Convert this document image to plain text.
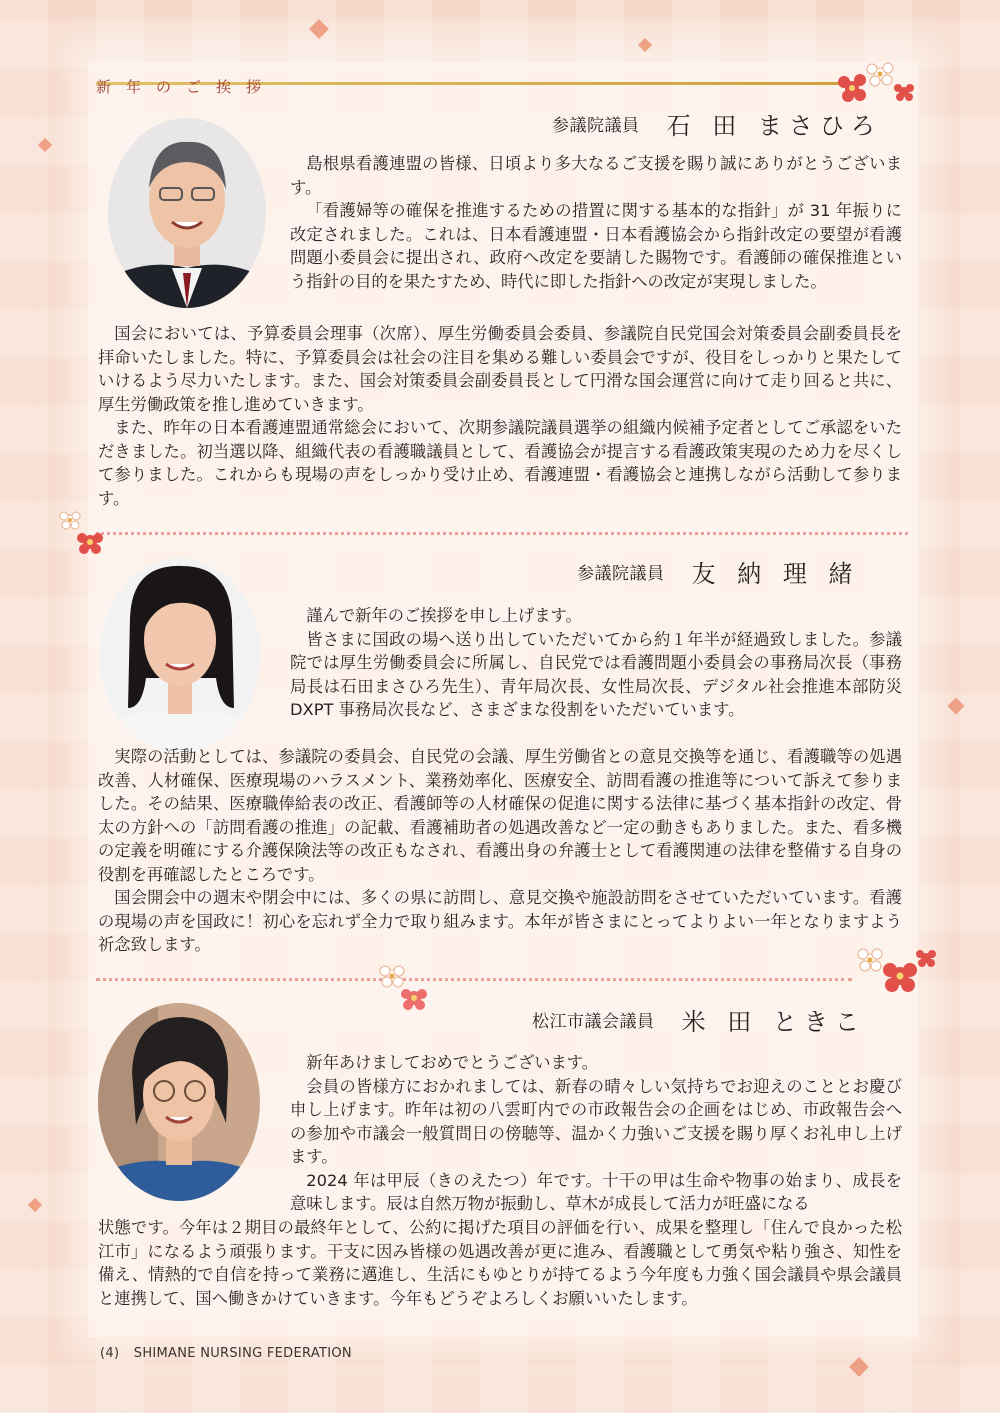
新年のご挨拶
参議院議員 石 田 まさひろ

島根県看護連盟の皆様、日頃より多大なるご支援を賜り誠にありがとうございます。

「看護婦等の確保を推進するための措置に関する基本的な指針」が 31 年振りに改定されました。これは、日本看護連盟・日本看護協会から指針改定の要望が看護問題小委員会に提出され、政府へ改定を要請した賜物です。看護師の確保推進という指針の目的を果たすため、時代に即した指針への改定が実現しました。

国会においては、予算委員会理事（次席）、厚生労働委員会委員、参議院自民党国会対策委員会副委員長を拝命いたしました。特に、予算委員会は社会の注目を集める難しい委員会ですが、役目をしっかりと果たしていけるよう尽力いたします。また、国会対策委員会副委員長として円滑な国会運営に向けて走り回ると共に、厚生労働政策を推し進めていきます。

また、昨年の日本看護連盟通常総会において、次期参議院議員選挙の組織内候補予定者としてご承認をいただきました。初当選以降、組織代表の看護職議員として、看護協会が提言する看護政策実現のため力を尽くして参りました。これからも現場の声をしっかり受け止め、看護連盟・看護協会と連携しながら活動して参ります。

参議院議員 友 納 理 緒

謹んで新年のご挨拶を申し上げます。

皆さまに国政の場へ送り出していただいてから約１年半が経過致しました。参議院では厚生労働委員会に所属し、自民党では看護問題小委員会の事務局次長（事務局長は石田まさひろ先生）、青年局次長、女性局次長、デジタル社会推進本部防災 DXPT 事務局次長など、さまざまな役割をいただいています。

実際の活動としては、参議院の委員会、自民党の会議、厚生労働省との意見交換等を通じ、看護職等の処遇改善、人材確保、医療現場のハラスメント、業務効率化、医療安全、訪問看護の推進等について訴えて参りました。その結果、医療職俸給表の改正、看護師等の人材確保の促進に関する法律に基づく基本指針の改定、骨太の方針への「訪問看護の推進」の記載、看護補助者の処遇改善など一定の動きもありました。また、看多機の定義を明確にする介護保険法等の改正もなされ、看護出身の弁護士として看護関連の法律を整備する自身の役割を再確認したところです。

国会開会中の週末や閉会中には、多くの県に訪問し、意見交換や施設訪問をさせていただいています。看護の現場の声を国政に！初心を忘れず全力で取り組みます。本年が皆さまにとってよりよい一年となりますよう祈念致します。

松江市議会議員 米 田 ときこ

新年あけましておめでとうございます。

会員の皆様方におかれましては、新春の晴々しい気持ちでお迎えのこととお慶び申し上げます。昨年は初の八雲町内での市政報告会の企画をはじめ、市政報告会への参加や市議会一般質問日の傍聴等、温かく力強いご支援を賜り厚くお礼申し上げます。

2024 年は甲辰（きのえたつ）年です。十干の甲は生命や物事の始まり、成長を意味します。辰は自然万物が振動し、草木が成長して活力が旺盛になる

状態です。今年は２期目の最終年として、公約に掲げた項目の評価を行い、成果を整理し「住んで良かった松江市」になるよう頑張ります。干支に因み皆様の処遇改善が更に進み、看護職として勇気や粘り強さ、知性を備え、情熱的で自信を持って業務に邁進し、生活にもゆとりが持てるよう今年度も力強く国会議員や県会議員と連携して、国へ働きかけていきます。今年もどうぞよろしくお願いいたします。

(4) SHIMANE NURSING FEDERATION
